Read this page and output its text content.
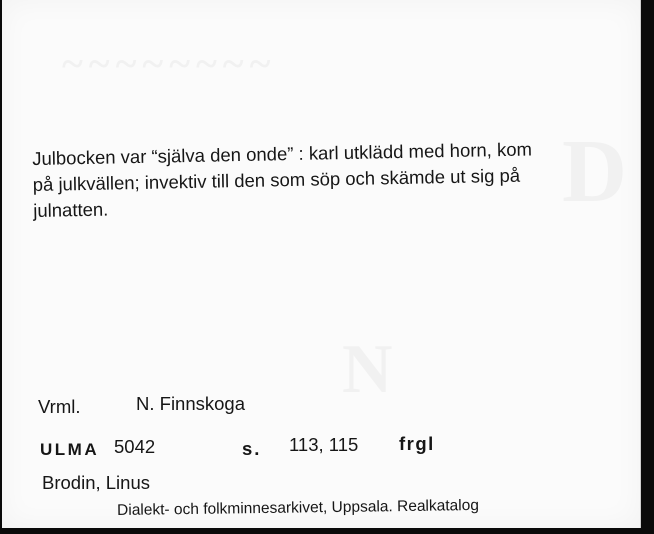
Julbocken var “själva den onde” : karl utklädd med horn, kom
på julkvällen; invektiv till den som söp och skämde ut sig på
julnatten.
Vrml.	N. Finnskoga
ULMA 5042	s. 113, 115 frgl
Brodin, Linus
Dialekt- och folkminnesarkivet, Uppsala. Realkatalog
